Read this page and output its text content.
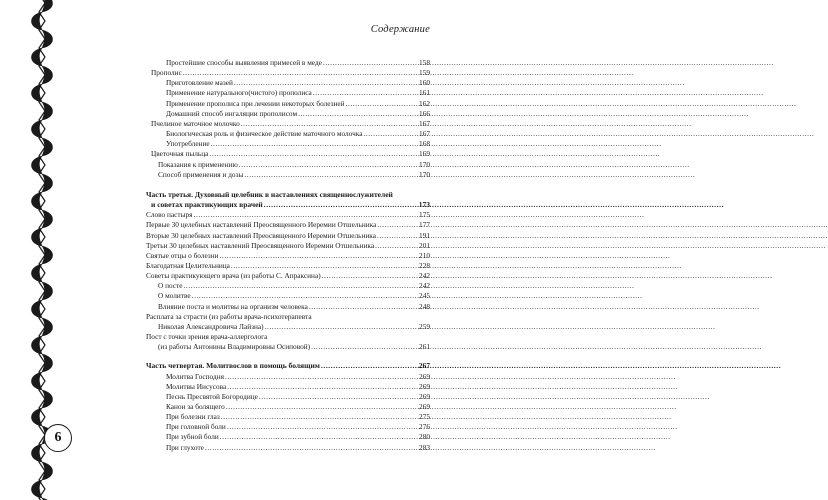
6
Содержание
Простейшие способы выявления примесей в меде .....	158
Прополис .....	159
Приготовление мазей .....	160
Применение натурального(чистого) прополиса .....	161
Применение прополиса при лечении некоторых болезней .....	162
Домашний способ ингаляции прополисом .....	166
Пчелиное маточное молочко .....	167
Биологическая роль и физическое действие маточного молочка .....	167
Употребление .....	168
Цветочная пыльца .....	169
Показания к применению .....	170
Способ применения и дозы .....	170
Часть третья. Духовный целебник в наставлениях священнослужителей
и советах практикующих врачей .....	173
Слово пастыря .....	175
Первые 30 целебных наставлений Преосвященного Иеремии Отшельника .....	177
Вторые 30 целебных наставлений Преосвященного Иеремии Отшельника .....	191
Третьи 30 целебных наставлений Преосвященного Иеремии Отшельника .....	201
Святые отцы о болезни .....	210
Благодатная Целительница .....	228
Советы практикующего врача (из работы С. Апраксина) .....	242
О посте .....	242
О молитве .....	245
Влияние поста и молитвы на организм человека .....	248
Расплата за страсти (из работы врача-психотерапевта
Николая Александровича Лайзна) .....	259
Пост с точки зрения врача-аллерголога
(из работы Антонины Владимировны Осиповой) .....	261
Часть четвертая. Молитвослов в помощь болящим .....	267
Молитва Господня .....	269
Молитвы Иисусова .....	269
Песнь Пресвятой Богородице .....	269
Канон за болящего .....	269
При болезни глаз .....	275
При головной боли .....	276
При зубной боли .....	280
При глухоте .....	283
